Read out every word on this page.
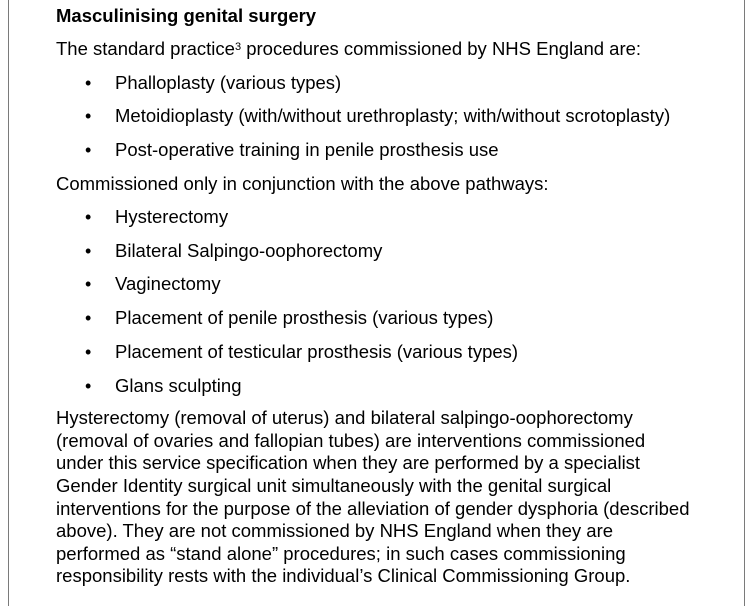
Masculinising genital surgery
The standard practice$^3$ procedures commissioned by NHS England are:
• Phalloplasty (various types)
• Metoidioplasty (with/without urethroplasty; with/without scrotoplasty)
• Post-operative training in penile prosthesis use
Commissioned only in conjunction with the above pathways:
• Hysterectomy
• Bilateral Salpingo-oophorectomy
• Vaginectomy
• Placement of penile prosthesis (various types)
• Placement of testicular prosthesis (various types)
• Glans sculpting
Hysterectomy (removal of uterus) and bilateral salpingo-oophorectomy
(removal of ovaries and fallopian tubes) are interventions commissioned
under this service specification when they are performed by a specialist
Gender Identity surgical unit simultaneously with the genital surgical
interventions for the purpose of the alleviation of gender dysphoria (described
above). They are not commissioned by NHS England when they are
performed as “stand alone” procedures; in such cases commissioning
responsibility rests with the individual’s Clinical Commissioning Group.
